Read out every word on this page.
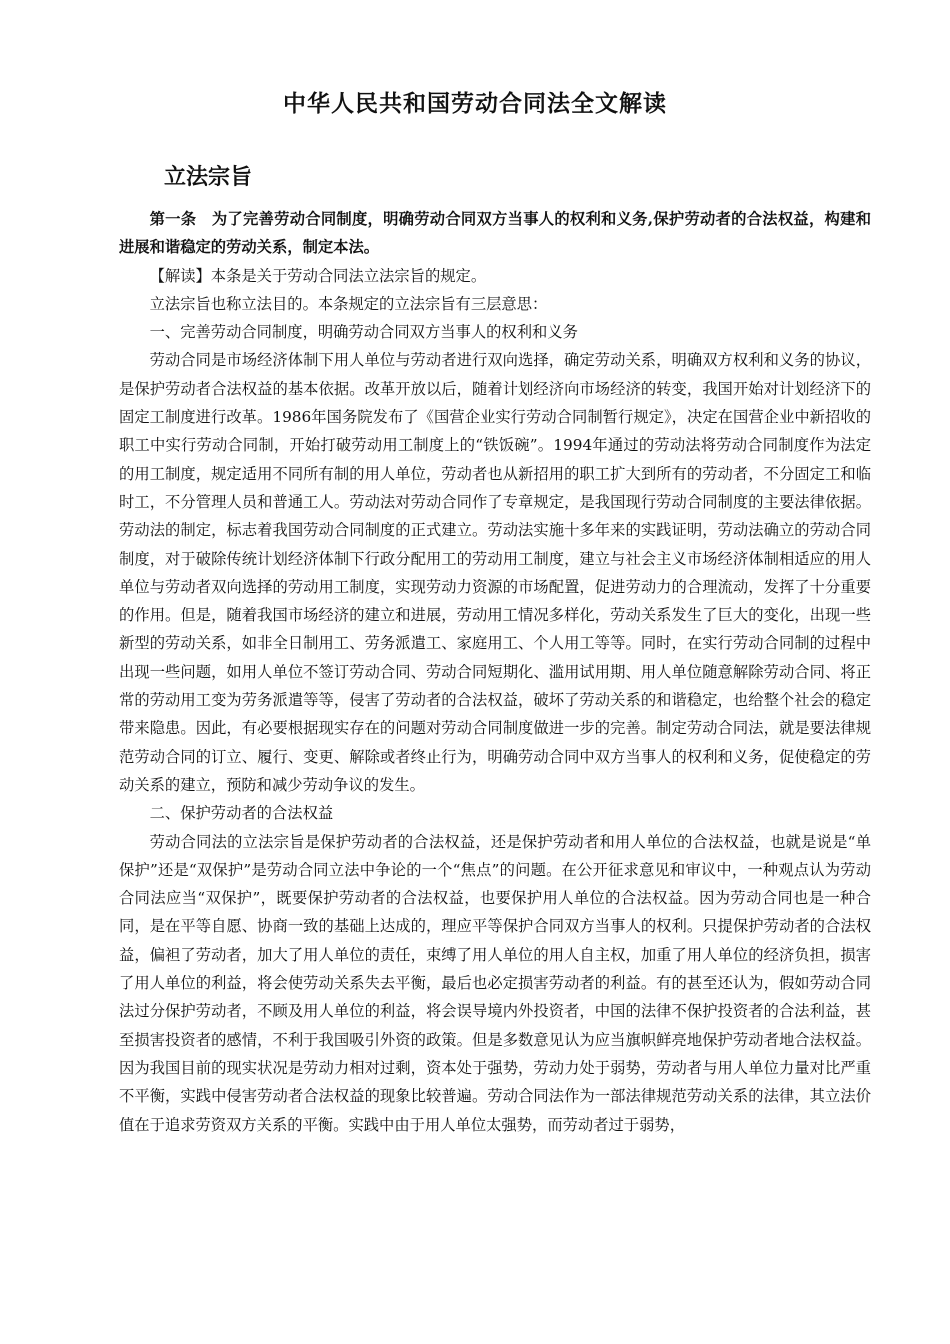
中华人民共和国劳动合同法全文解读
立法宗旨

第一条　为了完善劳动合同制度，明确劳动合同双方当事人的权利和义务,保护劳动者的合法权益，构建和进展和谐稳定的劳动关系，制定本法。

【解读】本条是关于劳动合同法立法宗旨的规定。

立法宗旨也称立法目的。本条规定的立法宗旨有三层意思：

一、完善劳动合同制度，明确劳动合同双方当事人的权利和义务

劳动合同是市场经济体制下用人单位与劳动者进行双向选择，确定劳动关系，明确双方权利和义务的协议，是保护劳动者合法权益的基本依据。改革开放以后，随着计划经济向市场经济的转变，我国开始对计划经济下的固定工制度进行改革。1986年国务院发布了《国营企业实行劳动合同制暂行规定》，决定在国营企业中新招收的职工中实行劳动合同制，开始打破劳动用工制度上的“铁饭碗”。1994年通过的劳动法将劳动合同制度作为法定的用工制度，规定适用不同所有制的用人单位，劳动者也从新招用的职工扩大到所有的劳动者，不分固定工和临时工，不分管理人员和普通工人。劳动法对劳动合同作了专章规定，是我国现行劳动合同制度的主要法律依据。劳动法的制定，标志着我国劳动合同制度的正式建立。劳动法实施十多年来的实践证明，劳动法确立的劳动合同制度，对于破除传统计划经济体制下行政分配用工的劳动用工制度，建立与社会主义市场经济体制相适应的用人单位与劳动者双向选择的劳动用工制度，实现劳动力资源的市场配置，促进劳动力的合理流动，发挥了十分重要的作用。但是，随着我国市场经济的建立和进展，劳动用工情况多样化，劳动关系发生了巨大的变化，出现一些新型的劳动关系，如非全日制用工、劳务派遣工、家庭用工、个人用工等等。同时，在实行劳动合同制的过程中出现一些问题，如用人单位不签订劳动合同、劳动合同短期化、滥用试用期、用人单位随意解除劳动合同、将正常的劳动用工变为劳务派遣等等，侵害了劳动者的合法权益，破坏了劳动关系的和谐稳定，也给整个社会的稳定带来隐患。因此，有必要根据现实存在的问题对劳动合同制度做进一步的完善。制定劳动合同法，就是要法律规范劳动合同的订立、履行、变更、解除或者终止行为，明确劳动合同中双方当事人的权利和义务，促使稳定的劳动关系的建立，预防和减少劳动争议的发生。

二、保护劳动者的合法权益

劳动合同法的立法宗旨是保护劳动者的合法权益，还是保护劳动者和用人单位的合法权益，也就是说是“单保护”还是“双保护”是劳动合同立法中争论的一个“焦点”的问题。在公开征求意见和审议中，一种观点认为劳动合同法应当“双保护”，既要保护劳动者的合法权益，也要保护用人单位的合法权益。因为劳动合同也是一种合同，是在平等自愿、协商一致的基础上达成的，理应平等保护合同双方当事人的权利。只提保护劳动者的合法权益，偏袒了劳动者，加大了用人单位的责任，束缚了用人单位的用人自主权，加重了用人单位的经济负担，损害了用人单位的利益，将会使劳动关系失去平衡，最后也必定损害劳动者的利益。有的甚至还认为，假如劳动合同法过分保护劳动者，不顾及用人单位的利益，将会误导境内外投资者，中国的法律不保护投资者的合法利益，甚至损害投资者的感情，不利于我国吸引外资的政策。但是多数意见认为应当旗帜鲜亮地保护劳动者地合法权益。因为我国目前的现实状况是劳动力相对过剩，资本处于强势，劳动力处于弱势，劳动者与用人单位力量对比严重不平衡，实践中侵害劳动者合法权益的现象比较普遍。劳动合同法作为一部法律规范劳动关系的法律，其立法价值在于追求劳资双方关系的平衡。实践中由于用人单位太强势，而劳动者过于弱势，
